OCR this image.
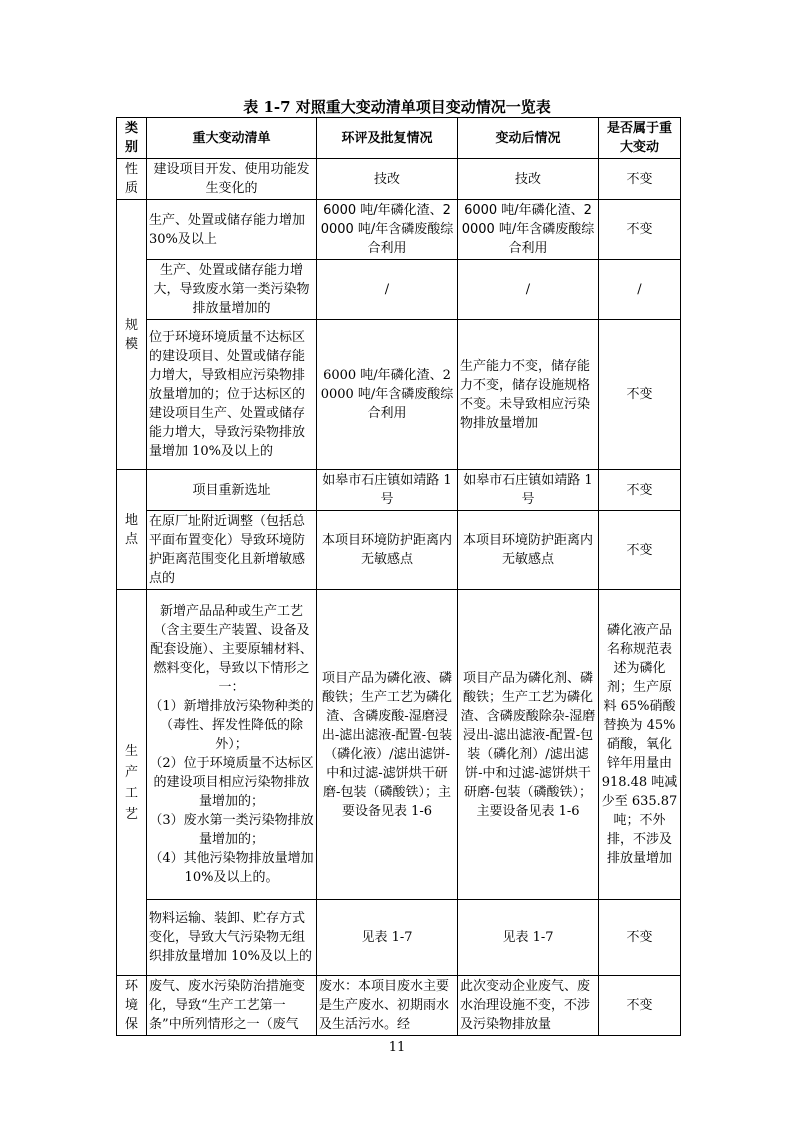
表 1-7 对照重大变动清单项目变动情况一览表
类别	重大变动清单	环评及批复情况	变动后情况	是否属于重大变动
性质	建设项目开发、使用功能发生变化的	技改	技改	不变
规模	生产、处置或储存能力增加 30%及以上	6000 吨/年磷化渣、20000 吨/年含磷废酸综合利用	6000 吨/年磷化渣、20000 吨/年含磷废酸综合利用	不变
	生产、处置或储存能力增大，导致废水第一类污染物排放量增加的	/	/	/
	位于环境环境质量不达标区的建设项目、处置或储存能力增大，导致相应污染物排放量增加的；位于达标区的建设项目生产、处置或储存能力增大，导致污染物排放量增加 10%及以上的	6000 吨/年磷化渣、20000 吨/年含磷废酸综合利用	生产能力不变，储存能力不变，储存设施规格不变。未导致相应污染物排放量增加	不变
地点	项目重新选址	如皋市石庄镇如靖路 1 号	如皋市石庄镇如靖路 1 号	不变
	在原厂址附近调整（包括总平面布置变化）导致环境防护距离范围变化且新增敏感点的	本项目环境防护距离内无敏感点	本项目环境防护距离内无敏感点	不变
生产工艺	新增产品品种或生产工艺（含主要生产装置、设备及配套设施）、主要原辅材料、燃料变化，导致以下情形之一：
（1）新增排放污染物种类的（毒性、挥发性降低的除外）；
（2）位于环境质量不达标区的建设项目相应污染物排放量增加的；
（3）废水第一类污染物排放量增加的；
（4）其他污染物排放量增加 10%及以上的。	项目产品为磷化液、磷酸铁；生产工艺为磷化渣、含磷废酸-湿磨浸出-滤出滤液-配置-包装（磷化液）/滤出滤饼-中和过滤-滤饼烘干研磨-包装（磷酸铁）；主要设备见表 1-6	项目产品为磷化剂、磷酸铁；生产工艺为磷化渣、含磷废酸除杂-湿磨浸出-滤出滤液-配置-包装（磷化剂）/滤出滤饼-中和过滤-滤饼烘干研磨-包装（磷酸铁）；主要设备见表 1-6	磷化液产品名称规范表述为磷化剂；生产原料 65%硝酸替换为 45%硝酸，氧化锌年用量由 918.48 吨减少至 635.87 吨；不外排，不涉及排放量增加
	物料运输、装卸、贮存方式变化，导致大气污染物无组织排放量增加 10%及以上的	见表 1-7	见表 1-7	不变
环境保	废气、废水污染防治措施变化，导致“生产工艺第一条”中所列情形之一（废气	废水：本项目废水主要是生产废水、初期雨水及生活污水。经	此次变动企业废气、废水治理设施不变，不涉及污染物排放量	不变
11
